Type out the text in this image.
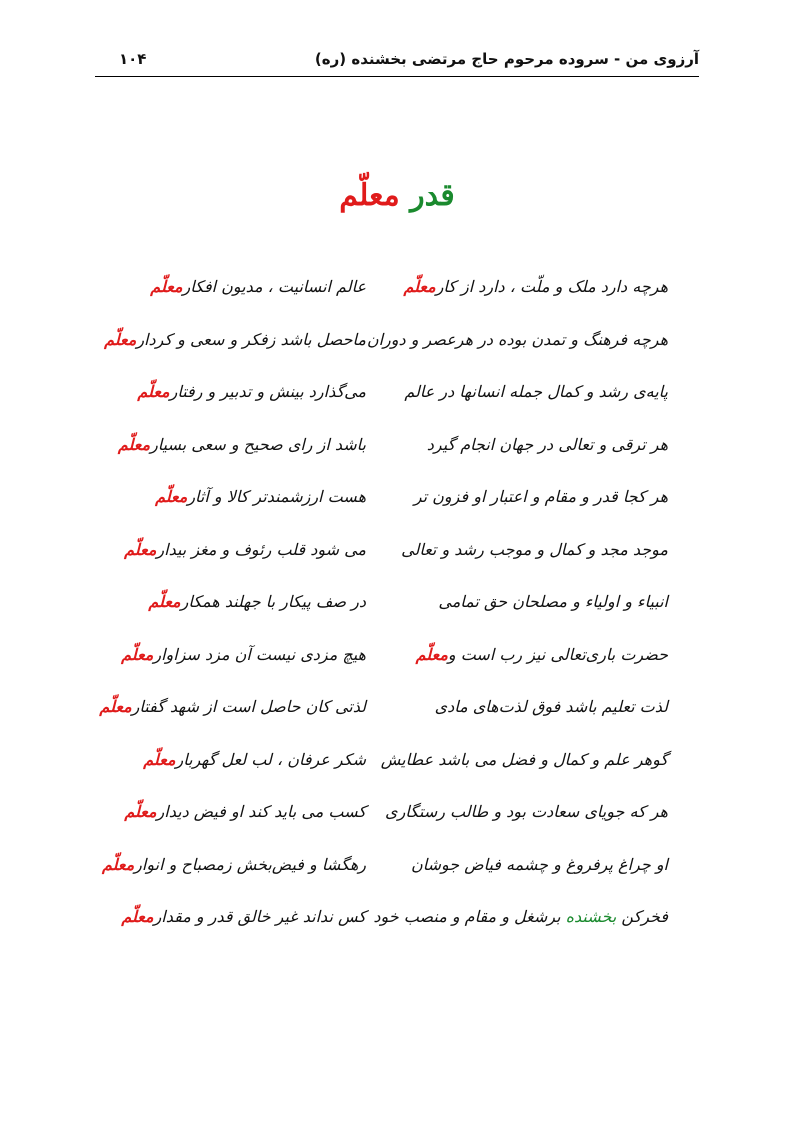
آرزوی من - سروده مرحوم حاج مرتضی بخشنده (ره)
۱۰۴
قدر معلّم
هرچه دارد ملک و ملّت ، دارد از کارمعلّم
عالم انسانیت ، مدیون افکارمعلّم
هرچه فرهنگ و تمدن بوده در هرعصر و دوران
ماحصل باشد زفکر و سعی و کردارمعلّم
پایه‌ی رشد و کمال جمله انسانها در عالم
می‌گذارد بینش و تدبیر و رفتارمعلّم
هر ترقی و تعالی در جهان انجام گیرد
باشد از رای صحیح و سعی بسیارمعلّم
هر کجا قدر و مقام و اعتبار او فزون تر
هست ارزشمندتر کالا و آثارمعلّم
موجد مجد و کمال و موجب رشد و تعالی
می شود قلب رئوف و مغز بیدارمعلّم
انبیاء و اولیاء و مصلحان حق تمامی
در صف پیکار با جهلند همکارمعلّم
حضرت باری‌تعالی نیز رب است ومعلّم
هیچ مزدی نیست آن مزد سزاوارمعلّم
لذت تعلیم باشد فوق لذت‌های مادی
لذتی کان حاصل است از شهد گفتارمعلّم
گوهر علم و کمال و فضل می باشد عطایش
شکر عرفان ، لب لعل گهربارمعلّم
هر که جویای سعادت بود و طالب رستگاری
کسب می باید کند او فیض دیدارمعلّم
او چراغ پرفروغ و چشمه فیاض جوشان
رهگشا و فیض‌بخش زمصباح و انوارمعلّم
فخرکن بخشنده برشغل و مقام و منصب خود
کس نداند غیر خالق قدر و مقدارمعلّم
